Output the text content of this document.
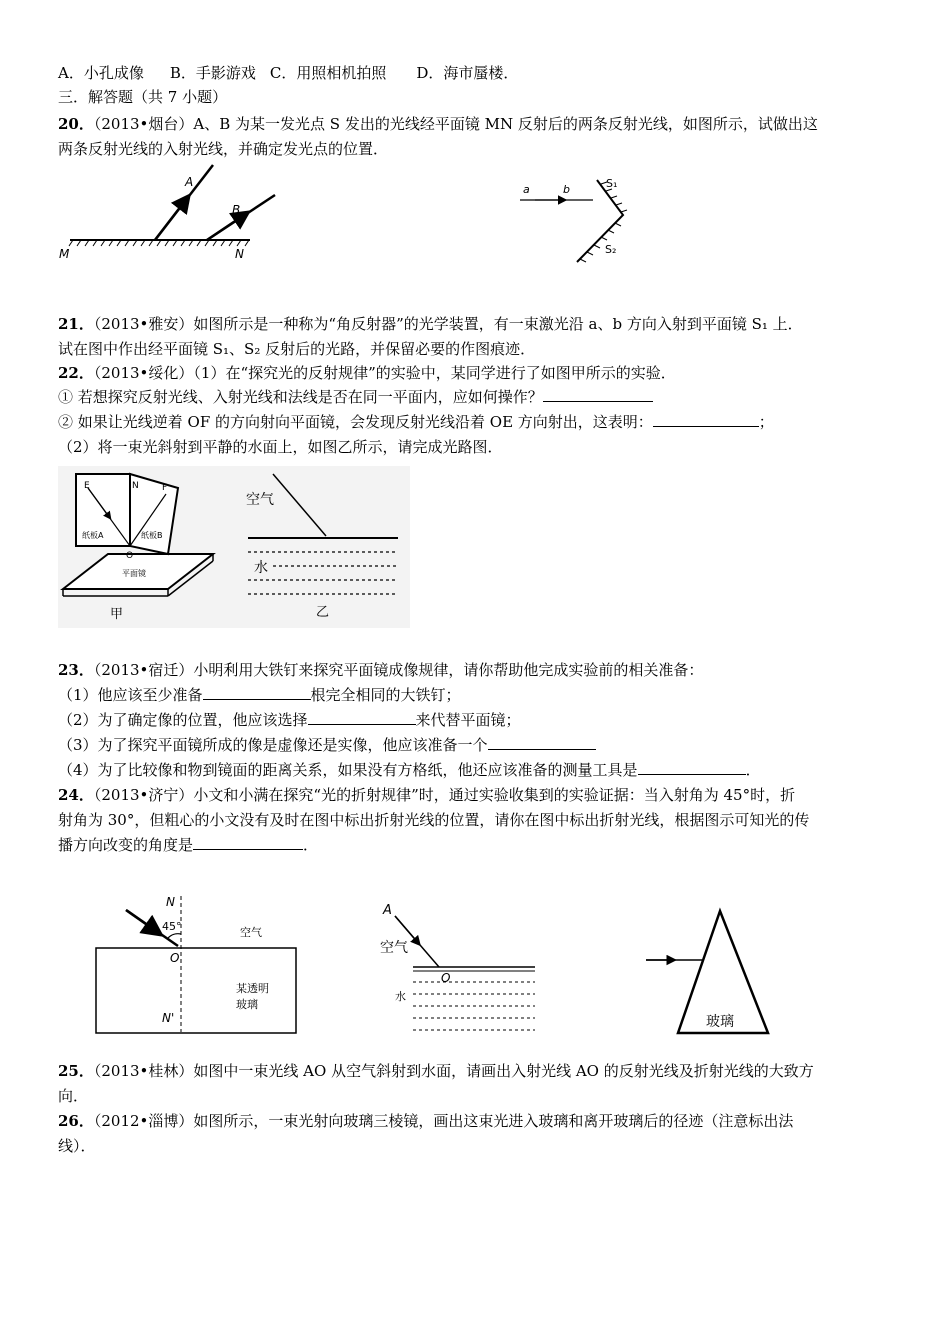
A．小孔成像 B．手影游戏 C．用照相机拍照 D．海市蜃楼．
三．解答题（共 7 小题）
20．（2013•烟台）A、B 为某一发光点 S 发出的光线经平面镜 MN 反射后的两条反射光线，如图所示，试做出这
两条反射光线的入射光线，并确定发光点的位置．
A
B
M	N
a	b	S₁
S₂
21．（2013•雅安）如图所示是一种称为“角反射器”的光学装置，有一束激光沿 a、b 方向入射到平面镜 S₁ 上．
试在图中作出经平面镜 S₁、S₂ 反射后的光路，并保留必要的作图痕迹．
22．（2013•绥化）（1）在“探究光的反射规律”的实验中，某同学进行了如图甲所示的实验．
① 若想探究反射光线、入射光线和法线是否在同一平面内，应如何操作？
② 如果让光线逆着 OF 的方向射向平面镜，会发现反射光线沿着 OE 方向射出，这表明：	；
（2）将一束光斜射到平静的水面上，如图乙所示，请完成光路图．
E	N	F
纸板A	纸板B
O
平面镜
甲
空气
水
乙
23．（2013•宿迁）小明利用大铁钉来探究平面镜成像规律，请你帮助他完成实验前的相关准备：
（1）他应该至少准备	根完全相同的大铁钉；
（2）为了确定像的位置，他应该选择	来代替平面镜；
（3）为了探究平面镜所成的像是虚像还是实像，他应该准备一个
（4）为了比较像和物到镜面的距离关系，如果没有方格纸，他还应该准备的测量工具是	．
24．（2013•济宁）小文和小满在探究“光的折射规律”时，通过实验收集到的实验证据：当入射角为 45°时，折
射角为 30°，但粗心的小文没有及时在图中标出折射光线的位置，请你在图中标出折射光线，根据图示可知光的传
播方向改变的角度是	．
N
45°
O
空气
某透明
玻璃
N'
A
空气
O
水
玻璃
25．（2013•桂林）如图中一束光线 AO 从空气斜射到水面，请画出入射光线 AO 的反射光线及折射光线的大致方
向．
26．（2012•淄博）如图所示，一束光射向玻璃三棱镜，画出这束光进入玻璃和离开玻璃后的径迹（注意标出法
线）．
